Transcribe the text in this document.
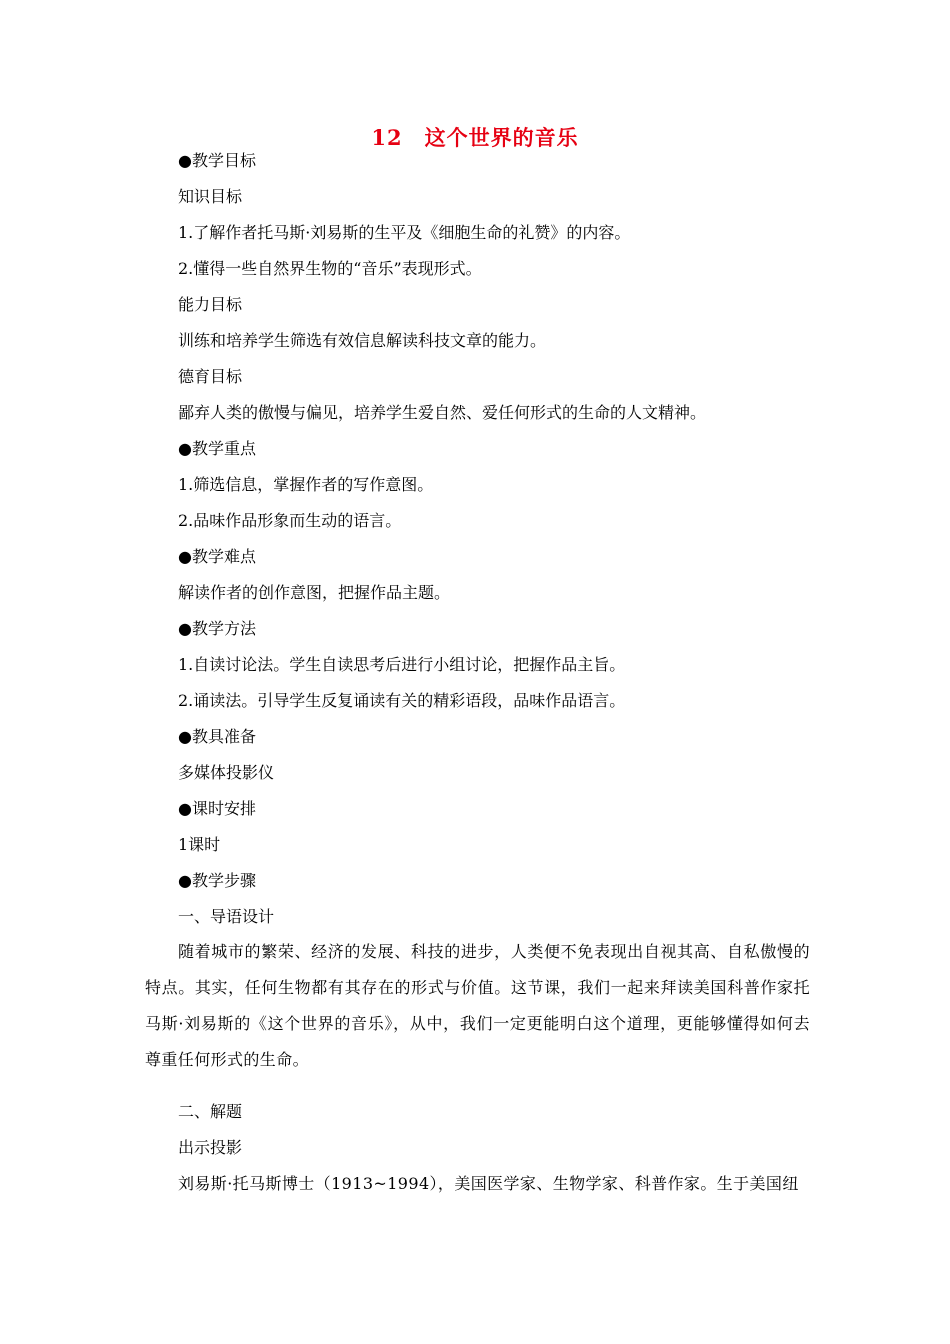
12 这个世界的音乐
●教学目标
知识目标
1.了解作者托马斯·刘易斯的生平及《细胞生命的礼赞》的内容。
2.懂得一些自然界生物的“音乐”表现形式。
能力目标
训练和培养学生筛选有效信息解读科技文章的能力。
德育目标
鄙弃人类的傲慢与偏见，培养学生爱自然、爱任何形式的生命的人文精神。
●教学重点
1.筛选信息，掌握作者的写作意图。
2.品味作品形象而生动的语言。
●教学难点
解读作者的创作意图，把握作品主题。
●教学方法
1.自读讨论法。学生自读思考后进行小组讨论，把握作品主旨。
2.诵读法。引导学生反复诵读有关的精彩语段，品味作品语言。
●教具准备
多媒体投影仪
●课时安排
1课时
●教学步骤
一、导语设计
随着城市的繁荣、经济的发展、科技的进步，人类便不免表现出自视其高、自私傲慢的特点。其实，任何生物都有其存在的形式与价值。这节课，我们一起来拜读美国科普作家托马斯·刘易斯的《这个世界的音乐》，从中，我们一定更能明白这个道理，更能够懂得如何去尊重任何形式的生命。
二、解题
出示投影
刘易斯·托马斯博士（1913~1994），美国医学家、生物学家、科普作家。生于美国纽
